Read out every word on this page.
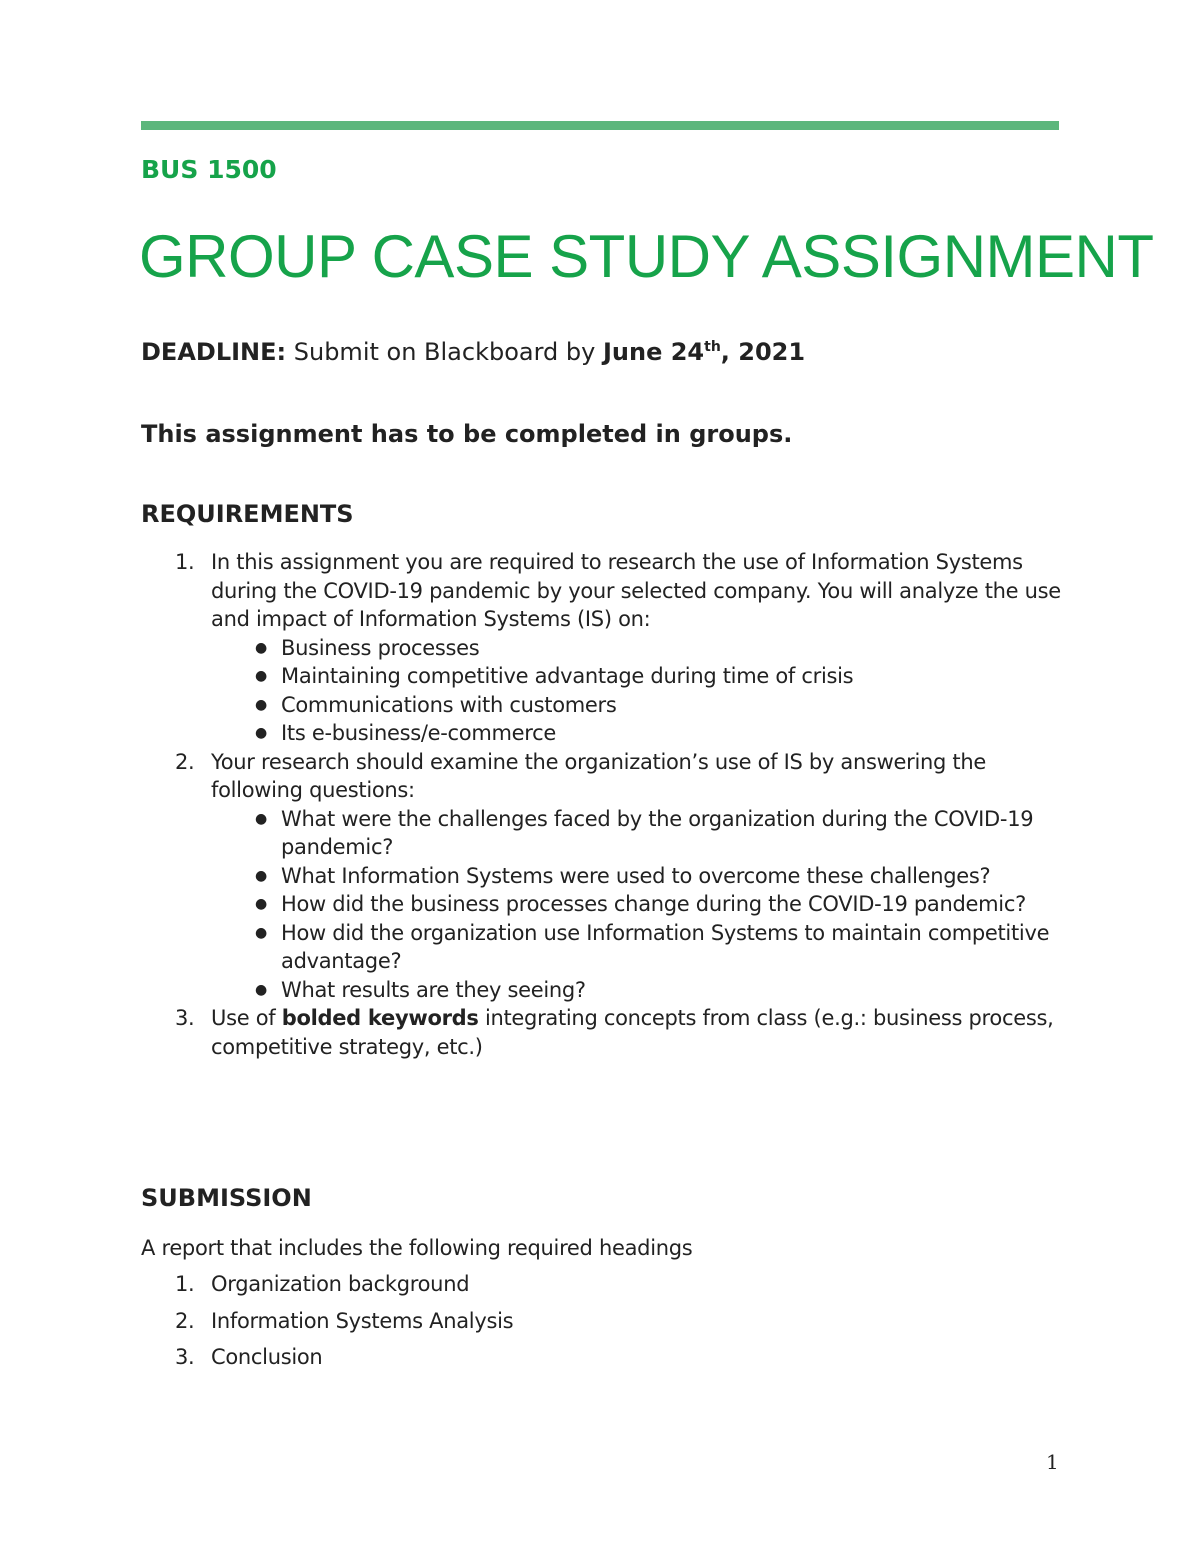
BUS 1500
GROUP CASE STUDY ASSIGNMENT
DEADLINE: Submit on Blackboard by June 24th, 2021
This assignment has to be completed in groups.
REQUIREMENTS
1. In this assignment you are required to research the use of Information Systems during the COVID-19 pandemic by your selected company. You will analyze the use and impact of Information Systems (IS) on:
● Business processes
● Maintaining competitive advantage during time of crisis
● Communications with customers
● Its e-business/e-commerce
2. Your research should examine the organization’s use of IS by answering the following questions:
● What were the challenges faced by the organization during the COVID-19 pandemic?
● What Information Systems were used to overcome these challenges?
● How did the business processes change during the COVID-19 pandemic?
● How did the organization use Information Systems to maintain competitive advantage?
● What results are they seeing?
3. Use of bolded keywords integrating concepts from class (e.g.: business process, competitive strategy, etc.)
SUBMISSION
A report that includes the following required headings
1. Organization background
2. Information Systems Analysis
3. Conclusion
1
